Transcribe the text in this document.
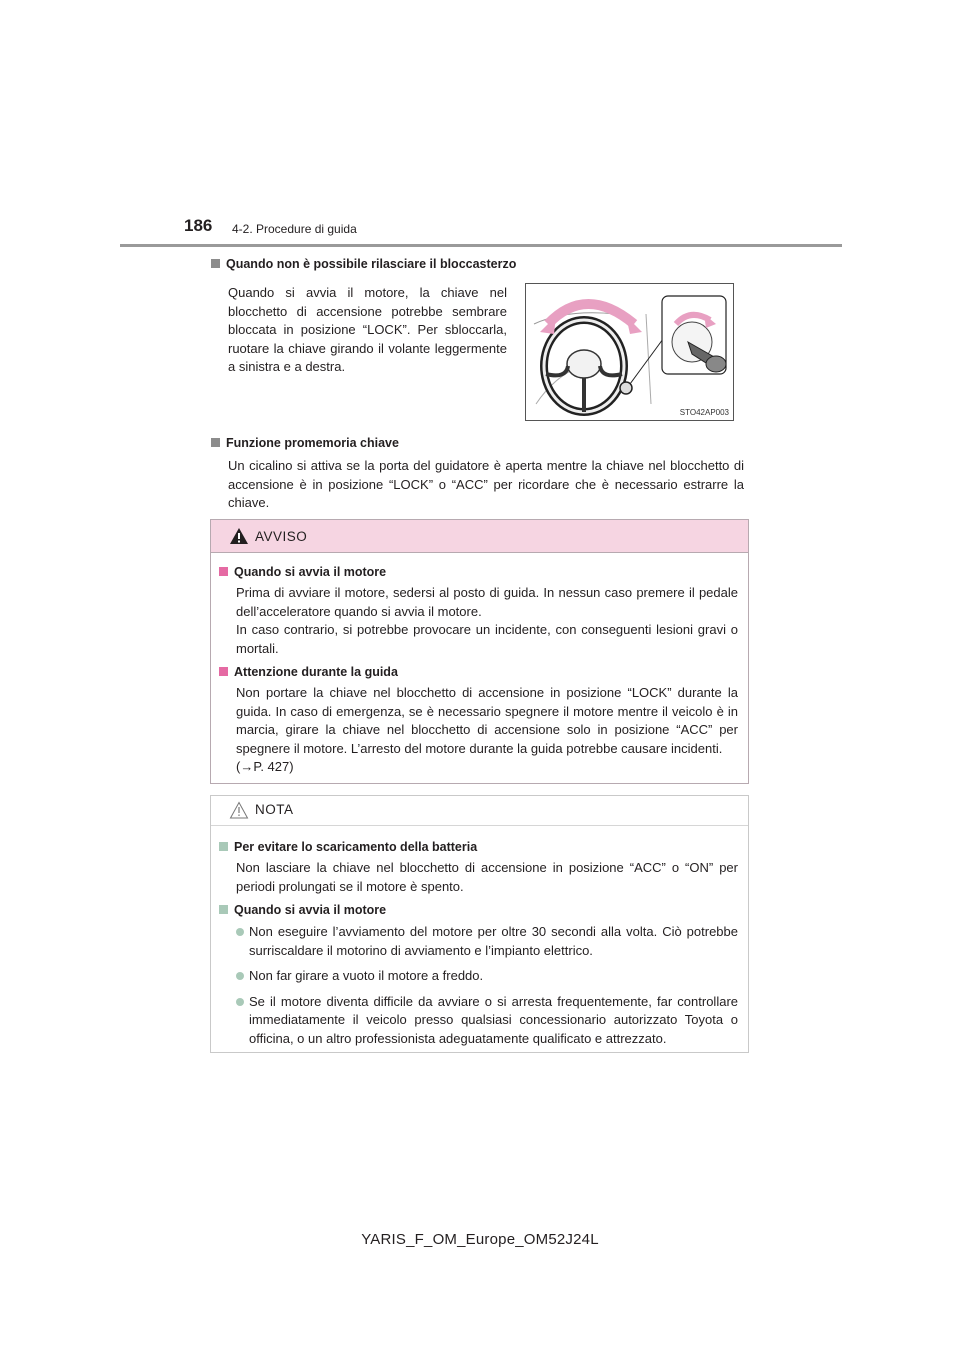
186 4-2. Procedure di guida
Quando non è possibile rilasciare il bloccasterzo
Quando si avvia il motore, la chiave nel blocchetto di accensione potrebbe sembrare bloccata in posizione “LOCK”. Per sbloccarla, ruotare la chiave girando il volante leggermente a sinistra e a destra.
STO42AP003
Funzione promemoria chiave
Un cicalino si attiva se la porta del guidatore è aperta mentre la chiave nel blocchetto di accensione è in posizione “LOCK” o “ACC” per ricordare che è necessario estrarre la chiave.
AVVISO
Quando si avvia il motore
Prima di avviare il motore, sedersi al posto di guida. In nessun caso premere il pedale dell’acceleratore quando si avvia il motore.
In caso contrario, si potrebbe provocare un incidente, con conseguenti lesioni gravi o mortali.
Attenzione durante la guida
Non portare la chiave nel blocchetto di accensione in posizione “LOCK” durante la guida. In caso di emergenza, se è necessario spegnere il motore mentre il veicolo è in marcia, girare la chiave nel blocchetto di accensione solo in posizione “ACC” per spegnere il motore. L’arresto del motore durante la guida potrebbe causare incidenti.
(→P. 427)
NOTA
Per evitare lo scaricamento della batteria
Non lasciare la chiave nel blocchetto di accensione in posizione “ACC” o “ON” per periodi prolungati se il motore è spento.
Quando si avvia il motore
Non eseguire l’avviamento del motore per oltre 30 secondi alla volta. Ciò potrebbe surriscaldare il motorino di avviamento e l’impianto elettrico.
Non far girare a vuoto il motore a freddo.
Se il motore diventa difficile da avviare o si arresta frequentemente, far controllare immediatamente il veicolo presso qualsiasi concessionario autorizzato Toyota o officina, o un altro professionista adeguatamente qualificato e attrezzato.
YARIS_F_OM_Europe_OM52J24L
